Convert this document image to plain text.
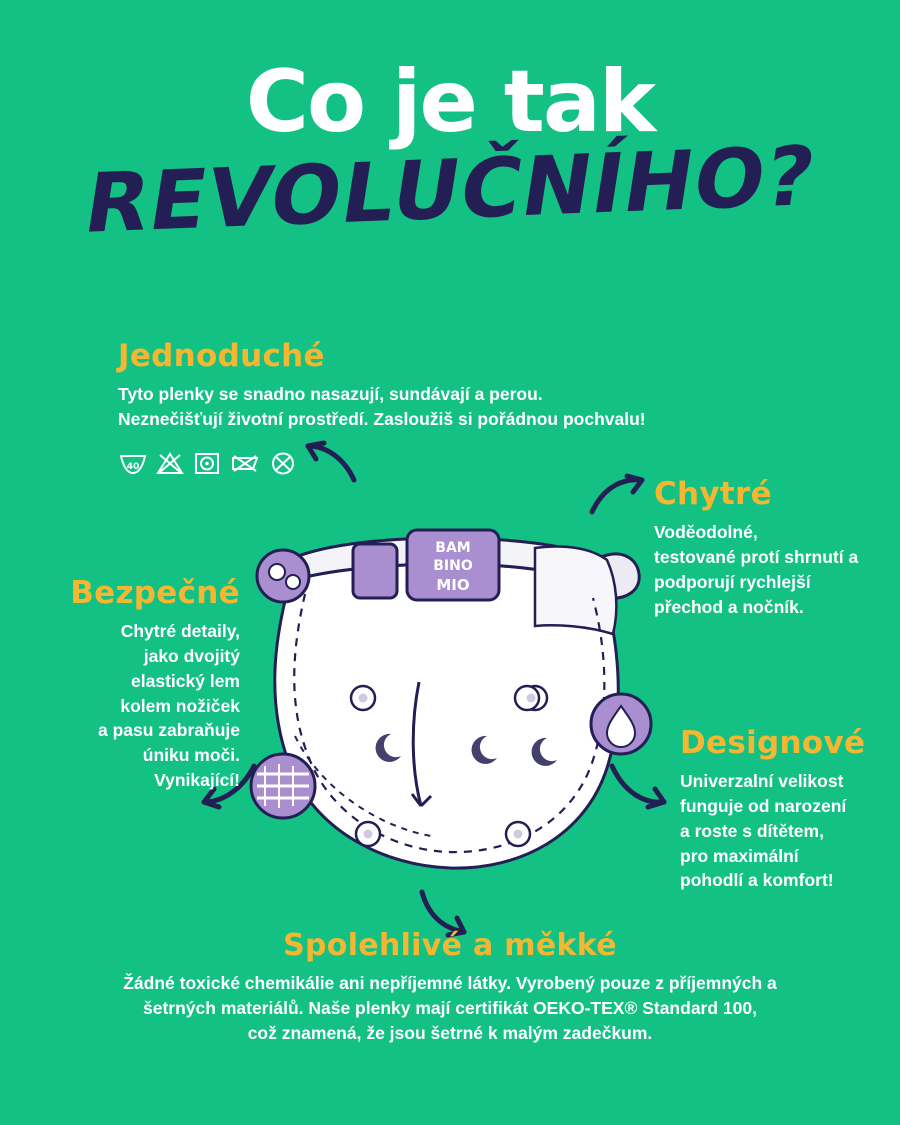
Co je tak
REVOLUČNÍHO?
BAM
BINO
MIO
Jednoduché

Tyto plenky se snadno nasazují, sundávají a perou.

Neznečišťují životní prostředí. Zasloužiš si pořádnou pochvalu!

Chytré

Voděodolné,

testované protí shrnutí a

podporují rychlejší

přechod a nočník.

Bezpečné

Chytré detaily,

jako dvojitý

elastický lem

kolem nožiček

a pasu zabraňuje

úniku moči.

Vynikající!

Designové

Univerzalní velikost

funguje od narození

a roste s dítětem,

pro maximální

pohodlí a komfort!

Spolehlivé a měkké

Žádné toxické chemikálie ani nepříjemné látky. Vyrobený pouze z příjemných a

šetrných materiálů. Naše plenky mají certifikát OEKO-TEX® Standard 100,

což znamená, že jsou šetrné k malým zadečkum.

40
